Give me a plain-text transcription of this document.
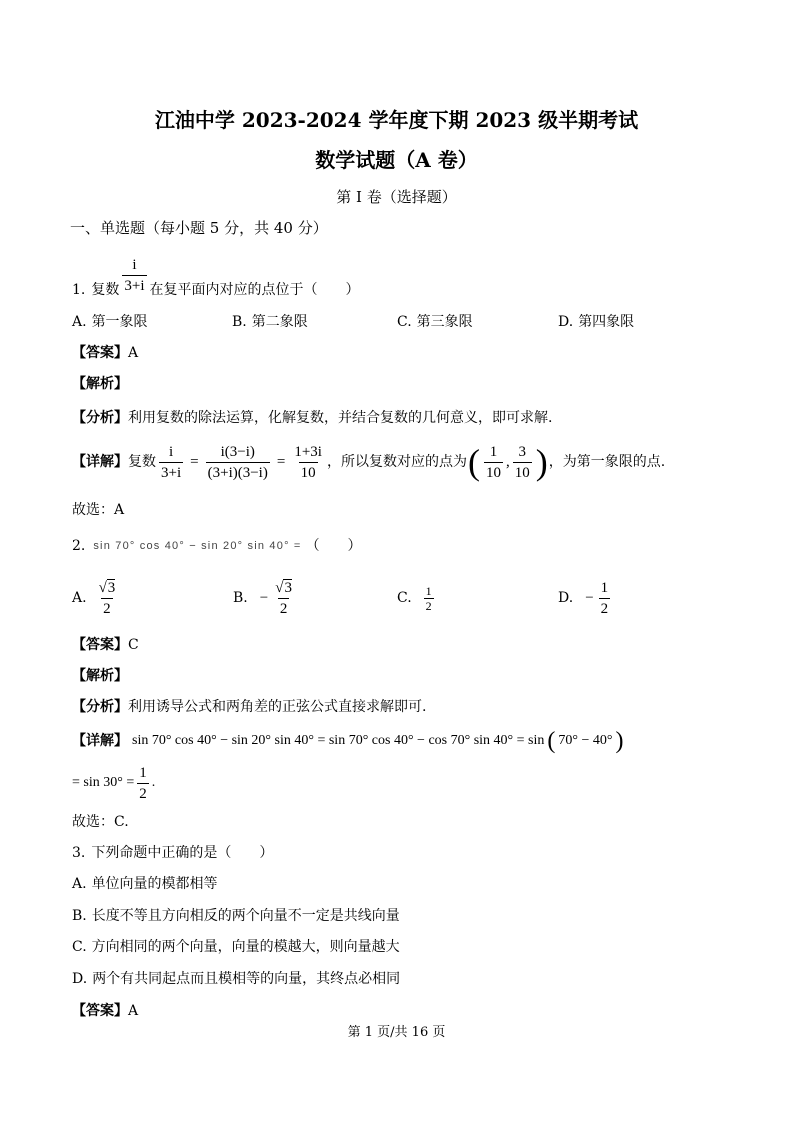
江油中学 2023-2024 学年度下期 2023 级半期考试
数学试题（A 卷）
第 I 卷（选择题）
一、单选题（每小题 5 分，共 40 分）
1. 复数 $\frac{i}{3+i}$ 在复平面内对应的点位于（　　）
A. 第一象限	B. 第二象限	C. 第三象限	D. 第四象限
【答案】A
【解析】
【分析】利用复数的除法运算，化解复数，并结合复数的几何意义，即可求解.
【详解】 复数 $\frac{i}{3+i} = \frac{i(3-i)}{(3+i)(3-i)} = \frac{1+3i}{10}$ ，所以复数对应的点为 ( $\frac{1}{10}$ , $\frac{3}{10}$ ) ，为第一象限的点.
故选：A
2. sin 70° cos 40° − sin 20° sin 40° = （　　）
A. $\frac{√3}{2}$	B. − $\frac{√3}{2}$	C. $\frac{1}{2}$	D. − $\frac{1}{2}$
【答案】C
【解析】
【分析】利用诱导公式和两角差的正弦公式直接求解即可.
【详解】 sin 70° cos 40° − sin 20° sin 40° = sin 70° cos 40° − cos 70° sin 40° = sin ( 70° − 40° )
= $\sin 30^\circ = \frac{1}{2}$ .
故选：C.
3. 下列命题中正确的是（　　）
A. 单位向量的模都相等
B. 长度不等且方向相反的两个向量不一定是共线向量
C. 方向相同的两个向量，向量的模越大，则向量越大
D. 两个有共同起点而且模相等的向量，其终点必相同
【答案】A
第 1 页/共 16 页
